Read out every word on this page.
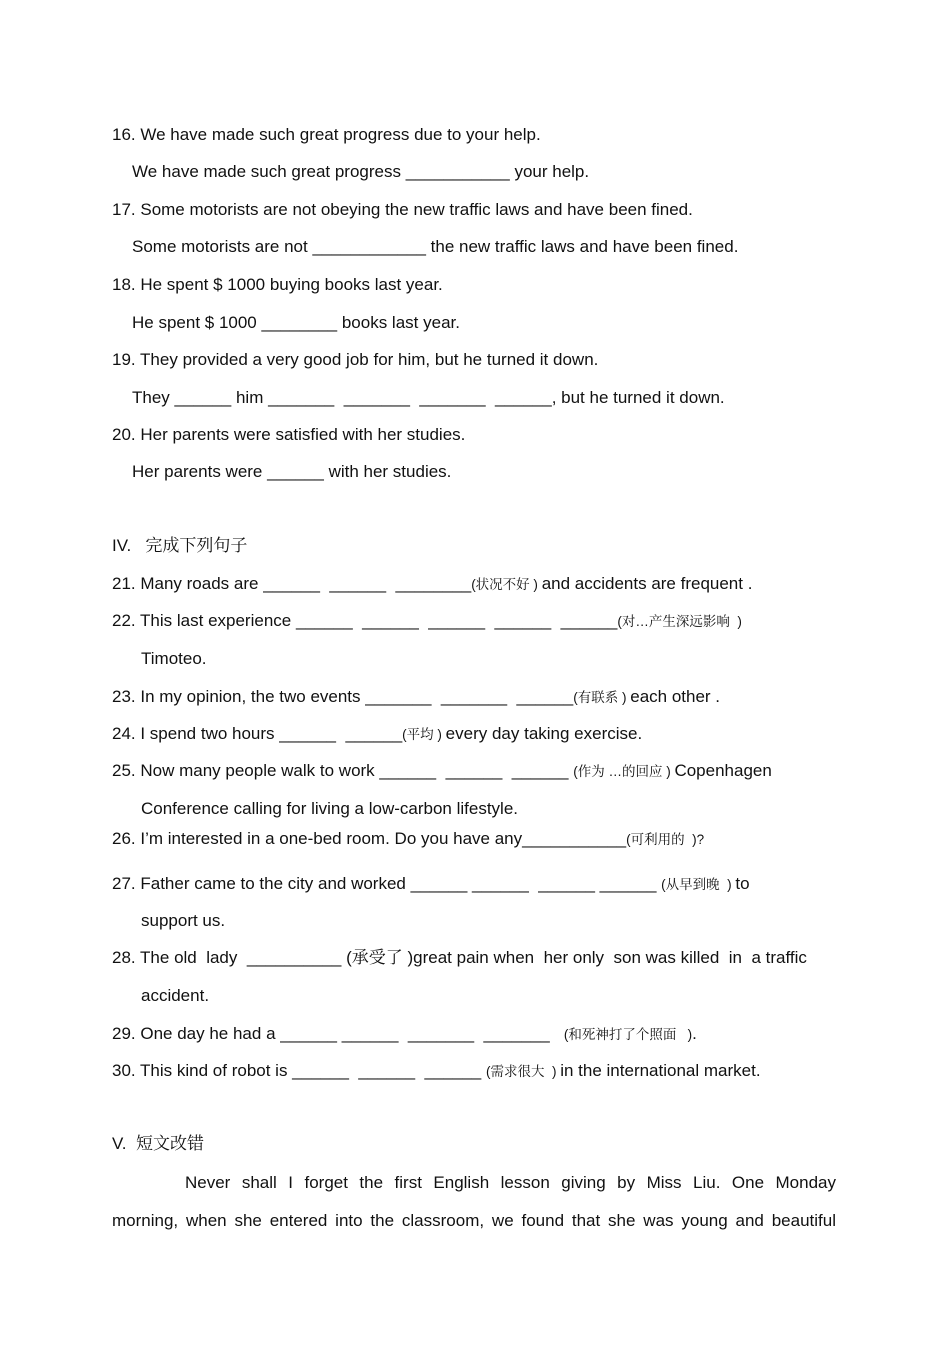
16. We have made such great progress due to your help.
We have made such great progress ___________ your help.
17. Some motorists are not obeying the new traffic laws and have been fined.
Some motorists are not ____________ the new traffic laws and have been fined.
18. He spent $ 1000 buying books last year.
He spent $ 1000 ________ books last year.
19. They provided a very good job for him, but he turned it down.
They ______ him _______  _______  _______  ______, but he turned it down.
20. Her parents were satisfied with her studies.
Her parents were ______ with her studies.
IV.   完成下列句子
21. Many roads are ______  ______  ________(状况不好 ) and accidents are frequent .
22. This last experience ______  ______  ______  ______  ______(对…产生深远影响  )
Timoteo.
23. In my opinion, the two events _______  _______  ______(有联系 ) each other .
24. I spend two hours ______  ______(平均 ) every day taking exercise.
25. Now many people walk to work ______  ______  ______ (作为 …的回应 ) Copenhagen
Conference calling for living a low-carbon lifestyle.
26. I’m interested in a one-bed room. Do you have any___________(可利用的  )?
27. Father came to the city and worked ______ ______  ______ ______ (从早到晚  ) to
support us.
28. The old  lady  __________ (承受了 )great pain when  her only  son was killed  in  a traffic
accident.
29. One day he had a ______ ______  _______  _______   (和死神打了个照面   ).
30. This kind of robot is ______  ______  ______ (需求很大  ) in the international market.
V.  短文改错
Never shall I forget the first English lesson giving by Miss Liu. One Monday
morning, when she entered into the classroom, we found that she was young and beautiful
